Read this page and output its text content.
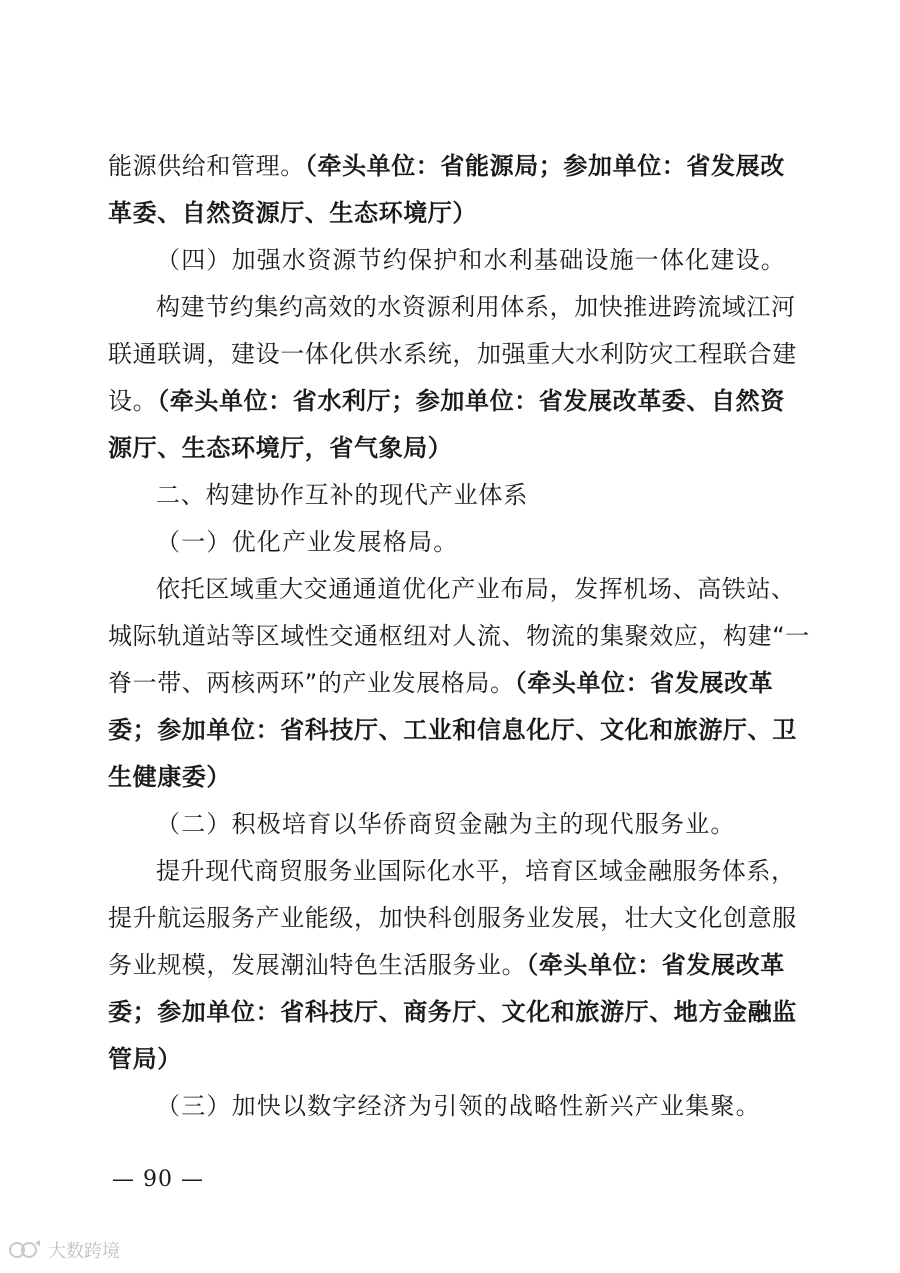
能源供给和管理。（牵头单位：省能源局；参加单位：省发展改
革委、自然资源厅、生态环境厅）
（四）加强水资源节约保护和水利基础设施一体化建设。
构建节约集约高效的水资源利用体系，加快推进跨流域江河
联通联调，建设一体化供水系统，加强重大水利防灾工程联合建
设。（牵头单位：省水利厅；参加单位：省发展改革委、自然资
源厅、生态环境厅，省气象局）
二、构建协作互补的现代产业体系
（一）优化产业发展格局。
依托区域重大交通通道优化产业布局，发挥机场、高铁站、
城际轨道站等区域性交通枢纽对人流、物流的集聚效应，构建“一
脊一带、两核两环”的产业发展格局。（牵头单位：省发展改革
委；参加单位：省科技厅、工业和信息化厅、文化和旅游厅、卫
生健康委）
（二）积极培育以华侨商贸金融为主的现代服务业。
提升现代商贸服务业国际化水平，培育区域金融服务体系，
提升航运服务产业能级，加快科创服务业发展，壮大文化创意服
务业规模，发展潮汕特色生活服务业。（牵头单位：省发展改革
委；参加单位：省科技厅、商务厅、文化和旅游厅、地方金融监
管局）
（三）加快以数字经济为引领的战略性新兴产业集聚。
— 90 —
大数跨境
